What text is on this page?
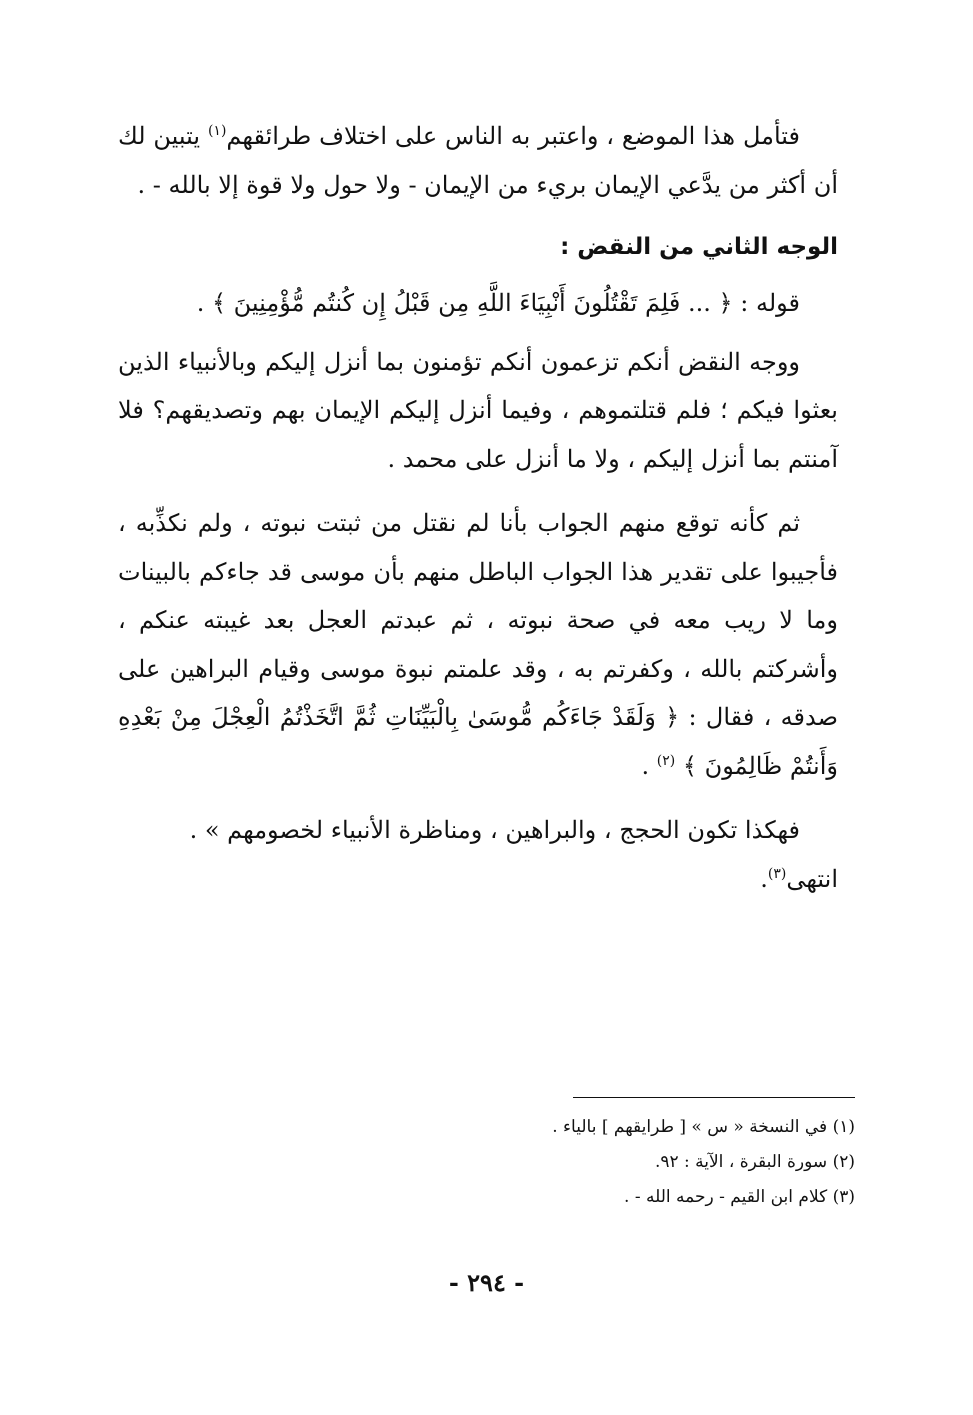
فتأمل هذا الموضع ، واعتبر به الناس على اختلاف طرائقهم$^{(١)}$ يتبين لك أن أكثر من يدَّعي الإيمان بريء من الإيمان - ولا حول ولا قوة إلا بالله - .

الوجه الثاني من النقض :

قوله : ﴿ ... فَلِمَ تَقْتُلُونَ أَنْبِيَاءَ اللَّهِ مِن قَبْلُ إِن كُنتُم مُّؤْمِنِينَ ﴾ .

ووجه النقض أنكم تزعمون أنكم تؤمنون بما أنزل إليكم وبالأنبياء الذين بعثوا فيكم ؛ فلم قتلتموهم ، وفيما أنزل إليكم الإيمان بهم وتصديقهم؟ فلا آمنتم بما أنزل إليكم ، ولا ما أنزل على محمد .

ثم كأنه توقع منهم الجواب بأنا لم نقتل من ثبتت نبوته ، ولم نكذِّبه ، فأجيبوا على تقدير هذا الجواب الباطل منهم بأن موسى قد جاءكم بالبينات وما لا ريب معه في صحة نبوته ، ثم عبدتم العجل بعد غيبته عنكم ، وأشركتم بالله ، وكفرتم به ، وقد علمتم نبوة موسى وقيام البراهين على صدقه ، فقال : ﴿ وَلَقَدْ جَاءَكُم مُّوسَىٰ بِالْبَيِّنَاتِ ثُمَّ اتَّخَذْتُمُ الْعِجْلَ مِنْ بَعْدِهِ وَأَنتُمْ ظَالِمُونَ ﴾ $^{(٢)}$ .

فهكذا تكون الحجج ، والبراهين ، ومناظرة الأنبياء لخصومهم » .

انتهى$^{(٣)}$.

(١) في النسخة « س » [ طرايقهم ] بالياء .

(٢) سورة البقرة ، الآية : ٩٢.

(٣) كلام ابن القيم - رحمه الله - .

- ٢٩٤ -
